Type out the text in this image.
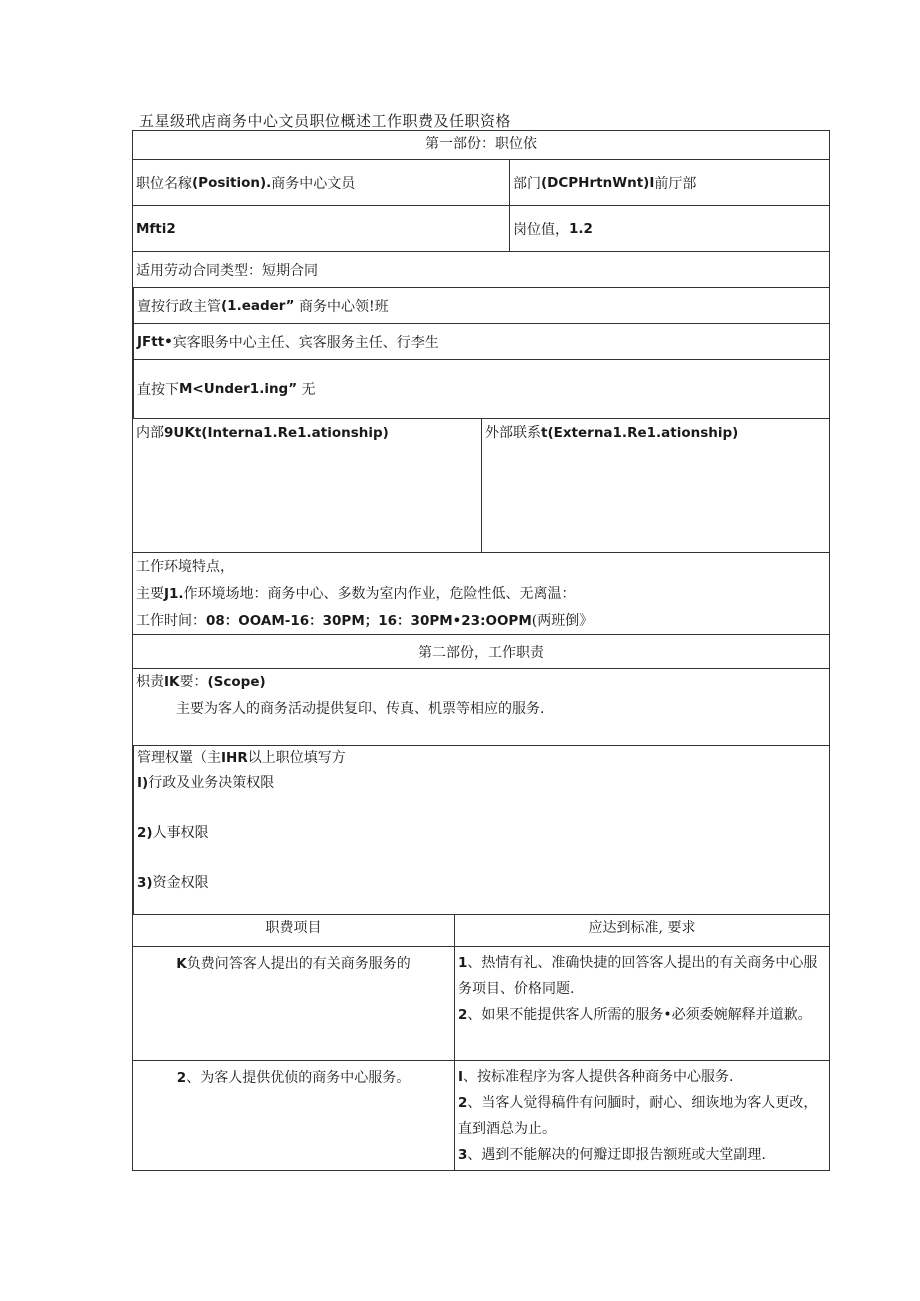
五星级玳店商务中心文员职位概述工作职费及任职资格
第一部份：职位依
职位名稼 (Position). 商务中心文员	部门 (DCPHrtnWnt)I 前厅部
Mfti2	岗位值， 1.2
适用劳动合同类型：短期合同
亶按行政主管 (1.eader”
商务中心领!班
JFtt• 宾客眼务中心主任、宾客服务主任、行李生
直按下 M<Under1.ing”
无
内部9UKt(Interna1.Re1.ationship)	外部联系t(Externa1.Re1.ationship)
工作环境特点，
主要J1.作环境场地：商务中心、多数为室内作业，危险性低、无离温：
工作时间：08：OOAM-16：30PM；16：30PM•23:OOPM(两班倒》
第二部份，工作职责
枳责IK要：(Scope)
主要为客人的商务活动提供复印、传真、机票等相应的服务.
管理权罿（主IHR以上职位填写方
I)行政及业务决策权限
2)人事权限
3)资金权限
职费项目	应达到标准, 要求
K负费问答客人提出的有关商务服务的	1、热情有礼、准确快捷的回答客人提出的有关商务中心服务项目、价格同题.

2、如果不能提供客人所需的服务•必须委婉解释并道歉。

2、为客人提供优侦的商务中心服务。	I、按标准程序为客人提供各种商务中心服务.

2、当客人觉得稿件有问腼时，耐心、细诙地为客人更改，直到酒总为止。

3、遇到不能解决的何瓣迂即报告额班或大堂副理.
